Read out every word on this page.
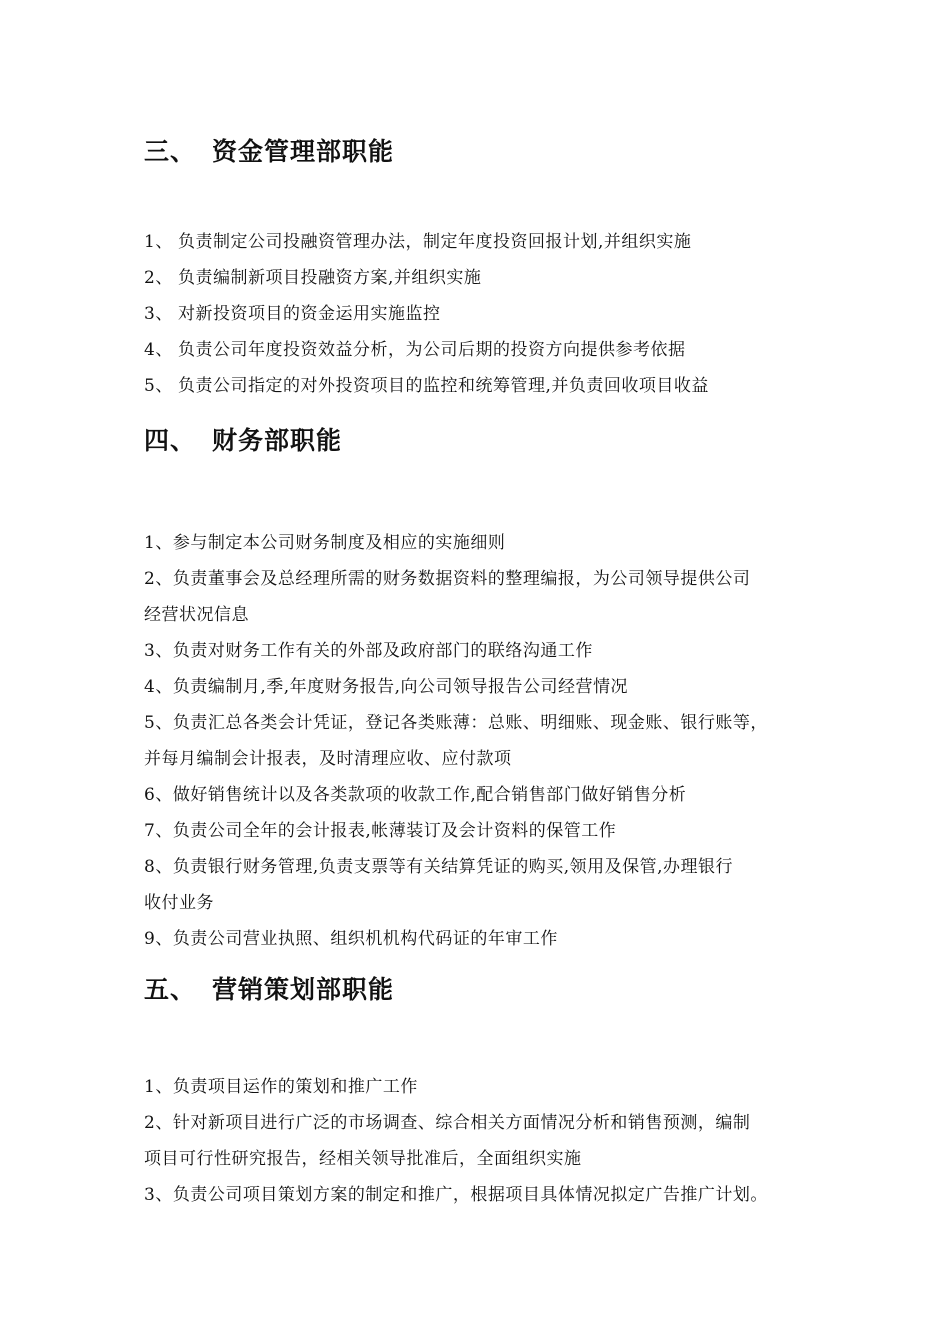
三、 资金管理部职能
1、 负责制定公司投融资管理办法，制定年度投资回报计划,并组织实施
2、 负责编制新项目投融资方案,并组织实施
3、 对新投资项目的资金运用实施监控
4、 负责公司年度投资效益分析，为公司后期的投资方向提供参考依据
5、 负责公司指定的对外投资项目的监控和统筹管理,并负责回收项目收益
四、 财务部职能
1、参与制定本公司财务制度及相应的实施细则
2、负责董事会及总经理所需的财务数据资料的整理编报，为公司领导提供公司
经营状况信息
3、负责对财务工作有关的外部及政府部门的联络沟通工作
4、负责编制月,季,年度财务报告,向公司领导报告公司经营情况
5、负责汇总各类会计凭证，登记各类账薄：总账、明细账、现金账、银行账等，
并每月编制会计报表，及时清理应收、应付款项
6、做好销售统计以及各类款项的收款工作,配合销售部门做好销售分析
7、负责公司全年的会计报表,帐薄装订及会计资料的保管工作
8、负责银行财务管理,负责支票等有关结算凭证的购买,领用及保管,办理银行
收付业务
9、负责公司营业执照、组织机机构代码证的年审工作
五、 营销策划部职能
1、负责项目运作的策划和推广工作
2、针对新项目进行广泛的市场调查、综合相关方面情况分析和销售预测，编制
项目可行性研究报告，经相关领导批准后，全面组织实施
3、负责公司项目策划方案的制定和推广，根据项目具体情况拟定广告推广计划。
